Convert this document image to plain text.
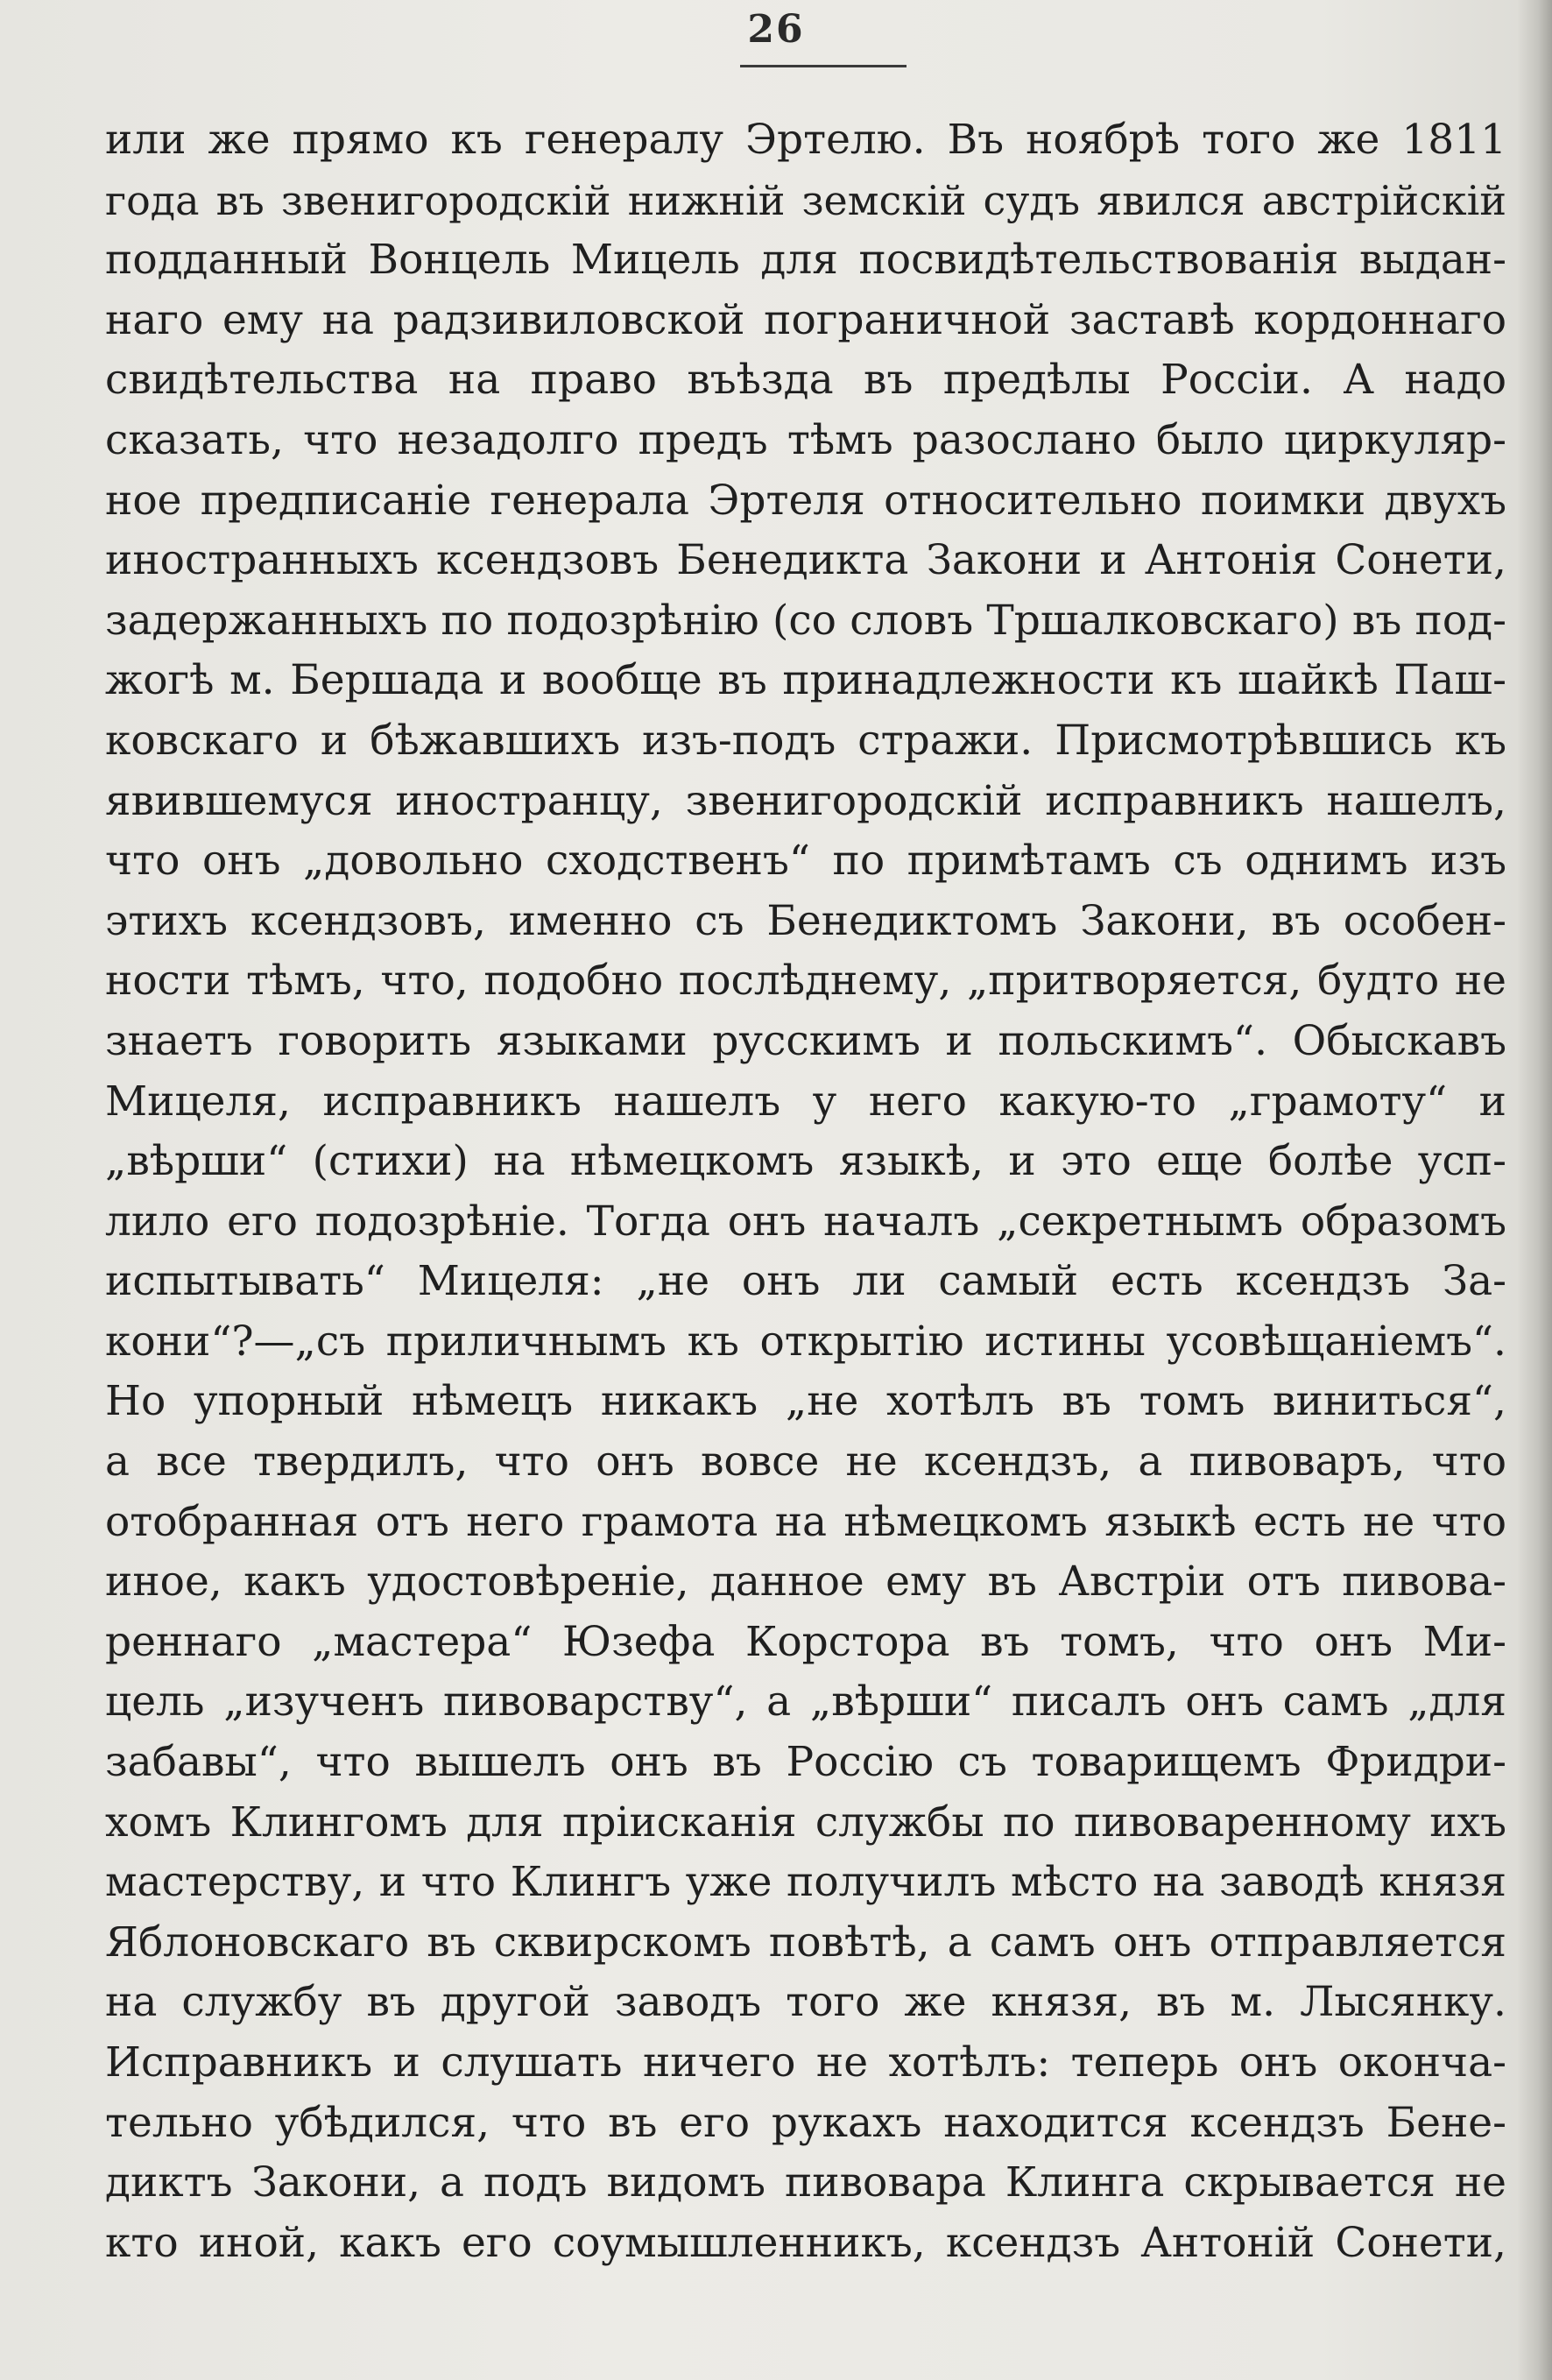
26
или же прямо къ генералу Эртелю. Въ ноябрѣ того же 1811
года въ звенигородскiй нижнiй земскiй судъ явился австрiйскiй
подданный Вонцель Мицель для посвидѣтельствованiя выдан-
наго ему на радзивиловской пограничной заставѣ кордоннаго
свидѣтельства на право въѣзда въ предѣлы Россiи. А надо
сказать, что незадолго предъ тѣмъ разослано было циркуляр-
ное предписанiе генерала Эртеля относительно поимки двухъ
иностранныхъ ксендзовъ Бенедикта Закони и Антонiя Сонети,
задержанныхъ по подозрѣнiю (со словъ Тршалковскаго) въ под-
жогѣ м. Бершада и вообще въ принадлежности къ шайкѣ Паш-
ковскаго и бѣжавшихъ изъ-подъ стражи. Присмотрѣвшись къ
явившемуся иностранцу, звенигородскiй исправникъ нашелъ,
что онъ „довольно сходственъ“ по примѣтамъ съ однимъ изъ
этихъ ксендзовъ, именно съ Бенедиктомъ Закони, въ особен-
ности тѣмъ, что, подобно послѣднему, „притворяется, будто не
знаетъ говорить языками русскимъ и польскимъ“. Обыскавъ
Мицеля, исправникъ нашелъ у него какую-то „грамоту“ и
„вѣрши“ (стихи) на нѣмецкомъ языкѣ, и это еще болѣе усп-
лило его подозрѣнiе. Тогда онъ началъ „секретнымъ образомъ
испытывать“ Мицеля: „не онъ ли самый есть ксендзъ За-
кони“?—„съ приличнымъ къ открытiю истины усовѣщанiемъ“.
Но упорный нѣмецъ никакъ „не хотѣлъ въ томъ виниться“,
а все твердилъ, что онъ вовсе не ксендзъ, а пивоваръ, что
отобранная отъ него грамота на нѣмецкомъ языкѣ есть не что
иное, какъ удостовѣренiе, данное ему въ Австрiи отъ пивова-
реннаго „мастера“ Юзефа Корстора въ томъ, что онъ Ми-
цель „изученъ пивоварству“, а „вѣрши“ писалъ онъ самъ „для
забавы“, что вышелъ онъ въ Россiю съ товарищемъ Фридри-
хомъ Клингомъ для прiисканiя службы по пивоваренному ихъ
мастерству, и что Клингъ уже получилъ мѣсто на заводѣ князя
Яблоновскаго въ сквирскомъ повѣтѣ, а самъ онъ отправляется
на службу въ другой заводъ того же князя, въ м. Лысянку.
Исправникъ и слушать ничего не хотѣлъ: теперь онъ оконча-
тельно убѣдился, что въ его рукахъ находится ксендзъ Бене-
диктъ Закони, а подъ видомъ пивовара Клинга скрывается не
кто иной, какъ его соумышленникъ, ксендзъ Антонiй Сонети,
